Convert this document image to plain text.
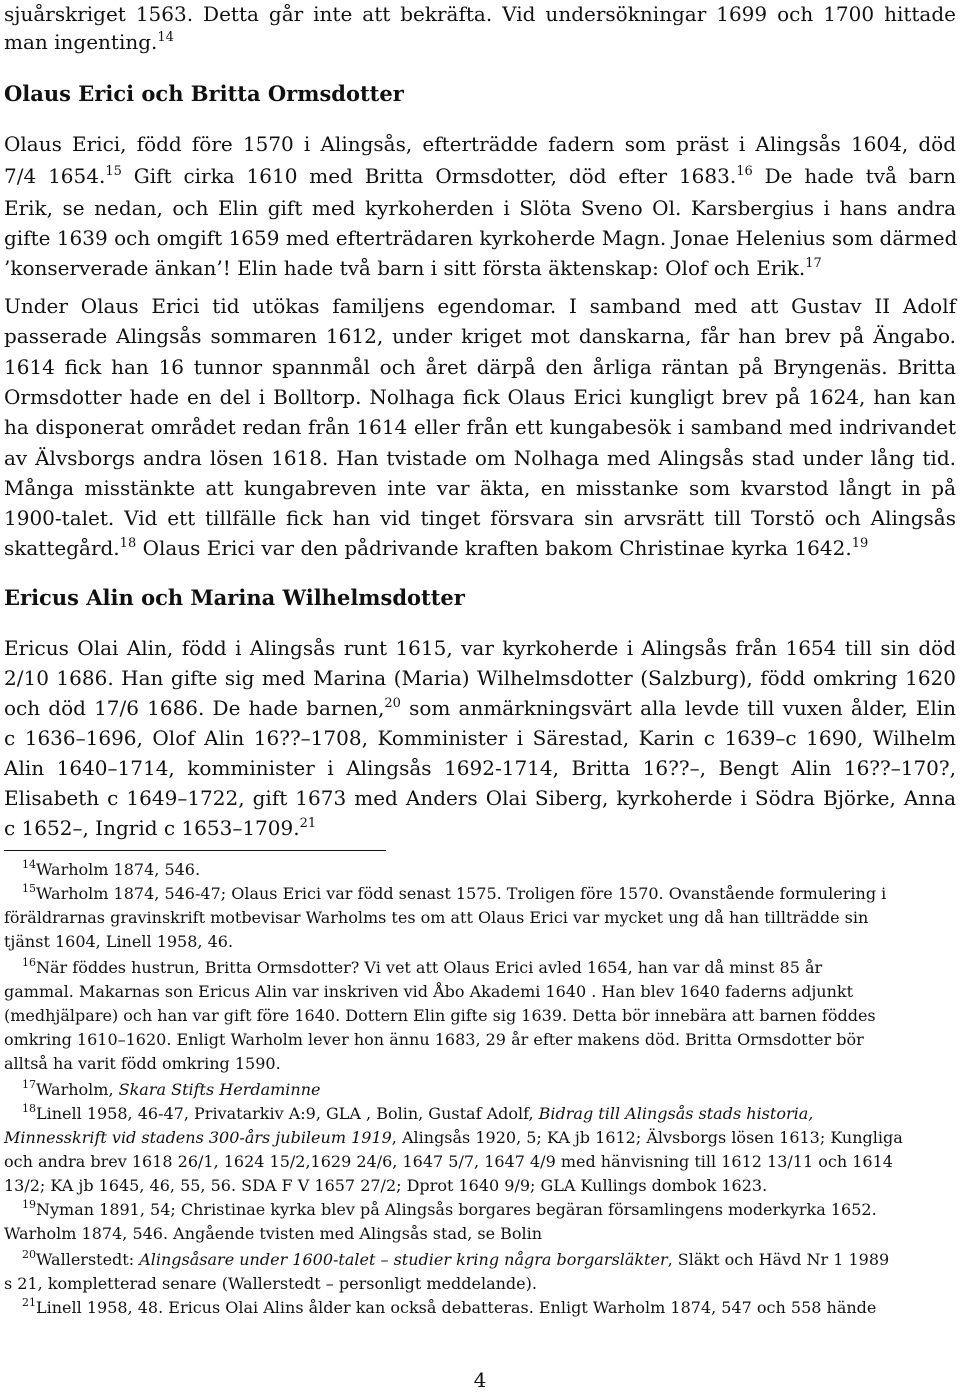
sjuårskriget 1563. Detta går inte att bekräfta. Vid undersökningar 1699 och 1700 hittade
man ingenting.$^{14}$
Olaus Erici och Britta Ormsdotter
Olaus Erici, född före 1570 i Alingsås, efterträdde fadern som präst i Alingsås 1604, död
7/4 1654.15 Gift cirka 1610 med Britta Ormsdotter, död efter 1683.16 De hade två barn
Erik, se nedan, och Elin gift med kyrkoherden i Slöta Sveno Ol. Karsbergius i hans andra
gifte 1639 och omgift 1659 med efterträdaren kyrkoherde Magn. Jonae Helenius som därmed
’konserverade änkan’! Elin hade två barn i sitt första äktenskap: Olof och Erik.$^{17}$
Under Olaus Erici tid utökas familjens egendomar. I samband med att Gustav II Adolf
passerade Alingsås sommaren 1612, under kriget mot danskarna, får han brev på Ängabo.
1614 fick han 16 tunnor spannmål och året därpå den årliga räntan på Bryngenäs. Britta
Ormsdotter hade en del i Bolltorp. Nolhaga fick Olaus Erici kungligt brev på 1624, han kan
ha disponerat området redan från 1614 eller från ett kungabesök i samband med indrivandet
av Älvsborgs andra lösen 1618. Han tvistade om Nolhaga med Alingsås stad under lång tid.
Många misstänkte att kungabreven inte var äkta, en misstanke som kvarstod långt in på
1900-talet. Vid ett tillfälle fick han vid tinget försvara sin arvsrätt till Torstö och Alingsås
skattegård.$^{18}$ Olaus Erici var den pådrivande kraften bakom Christinae kyrka 1642.19
Ericus Alin och Marina Wilhelmsdotter
Ericus Olai Alin, född i Alingsås runt 1615, var kyrkoherde i Alingsås från 1654 till sin död
2/10 1686. Han gifte sig med Marina (Maria) Wilhelmsdotter (Salzburg), född omkring 1620
och död 17/6 1686. De hade barnen,$^{20}$ som anmärkningsvärt alla levde till vuxen ålder, Elin
c 1636–1696, Olof Alin 16??–1708, Komminister i Särestad, Karin c 1639–c 1690, Wilhelm
Alin 1640–1714, komminister i Alingsås 1692-1714, Britta 16??–, Bengt Alin 16??–170?,
Elisabeth c 1649–1722, gift 1673 med Anders Olai Siberg, kyrkoherde i Södra Björke, Anna
c 1652–, Ingrid c 1653–1709.21
$^{14}$Warholm 1874, 546.
$^{15}$Warholm 1874, 546-47; Olaus Erici var född senast 1575. Troligen före 1570. Ovanstående formulering i
föräldrarnas gravinskrift motbevisar Warholms tes om att Olaus Erici var mycket ung då han tillträdde sin
tjänst 1604, Linell 1958, 46.
$^{16}$När föddes hustrun, Britta Ormsdotter? Vi vet att Olaus Erici avled 1654, han var då minst 85 år
gammal. Makarnas son Ericus Alin var inskriven vid Åbo Akademi 1640 . Han blev 1640 faderns adjunkt
(medhjälpare) och han var gift före 1640. Dottern Elin gifte sig 1639. Detta bör innebära att barnen föddes
omkring 1610–1620. Enligt Warholm lever hon ännu 1683, 29 år efter makens död. Britta Ormsdotter bör
alltså ha varit född omkring 1590.
$^{17}$Warholm, Skara Stifts Herdaminne
$^{18}$Linell 1958, 46-47, Privatarkiv A:9, GLA , Bolin, Gustaf Adolf, Bidrag till Alingsås stads historia,
Minnesskrift vid stadens 300-års jubileum 1919, Alingsås 1920, 5; KA jb 1612; Älvsborgs lösen 1613; Kungliga
och andra brev 1618 26/1, 1624 15/2,1629 24/6, 1647 5/7, 1647 4/9 med hänvisning till 1612 13/11 och 1614
13/2; KA jb 1645, 46, 55, 56. SDA F V 1657 27/2; Dprot 1640 9/9; GLA Kullings dombok 1623.
$^{19}$Nyman 1891, 54; Christinae kyrka blev på Alingsås borgares begäran församlingens moderkyrka 1652.
Warholm 1874, 546. Angående tvisten med Alingsås stad, se Bolin
$^{20}$Wallerstedt: Alingsåsare under 1600-talet – studier kring några borgarsläkter, Släkt och Hävd Nr 1 1989
s 21, kompletterad senare (Wallerstedt – personligt meddelande).
$^{21}$Linell 1958, 48. Ericus Olai Alins ålder kan också debatteras. Enligt Warholm 1874, 547 och 558 hände
4
